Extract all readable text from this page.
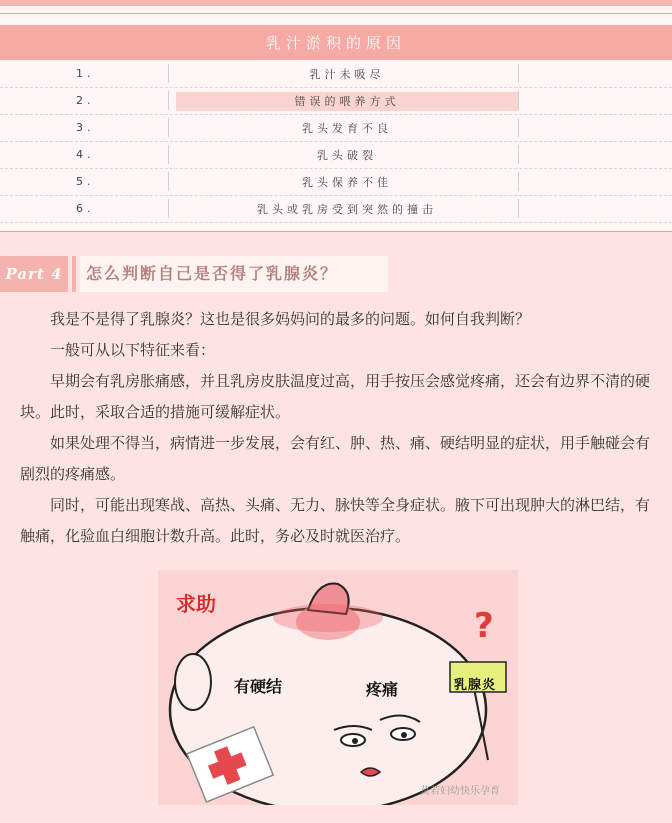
乳汁淤积的原因
1.	乳汁未吸尽
2.	错误的喂养方式
3.	乳头发育不良
4.	乳头破裂
5.	乳头保养不佳
6.	乳头或乳房受到突然的撞击
Part 4	怎么判断自己是否得了乳腺炎？

我是不是得了乳腺炎？这也是很多妈妈问的最多的问题。如何自我判断？

一般可从以下特征来看：

早期会有乳房胀痛感，并且乳房皮肤温度过高，用手按压会感觉疼痛，还会有边界不清的硬块。此时，采取合适的措施可缓解症状。

如果处理不得当，病情进一步发展，会有红、肿、热、痛、硬结明显的症状，用手触碰会有剧烈的疼痛感。

同时，可能出现寒战、高热、头痛、无力、脉快等全身症状。腋下可出现肿大的淋巴结，有触痛，化验血白细胞计数升高。此时，务必及时就医治疗。

求助
?
有硬结	疼痛	乳腺炎
莫若妇幼快乐孕育
